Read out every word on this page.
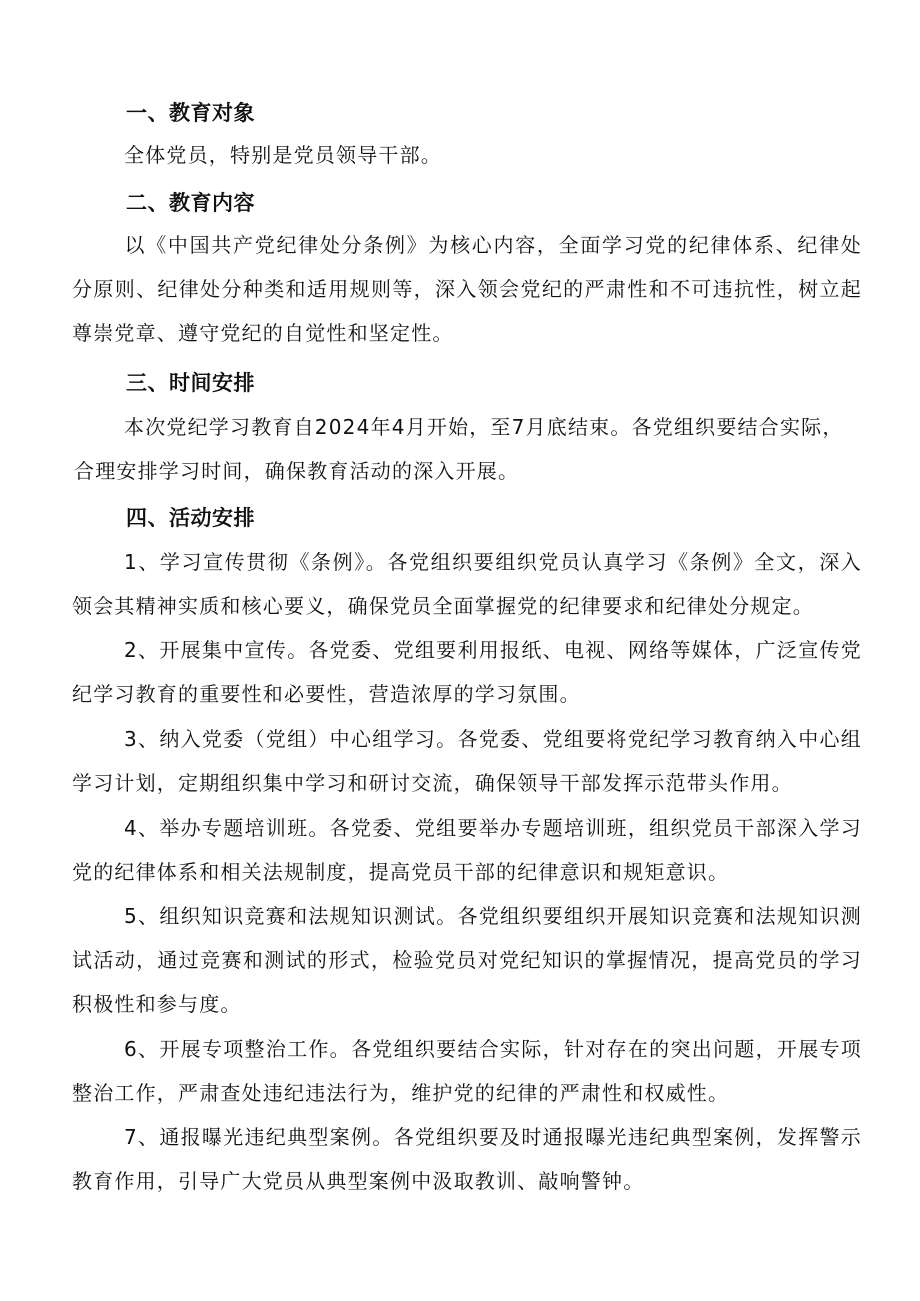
一、教育对象
全体党员，特别是党员领导干部。
二、教育内容
以《中国共产党纪律处分条例》为核心内容，全面学习党的纪律体系、纪律处分原则、纪律处分种类和适用规则等，深入领会党纪的严肃性和不可违抗性，树立起尊崇党章、遵守党纪的自觉性和坚定性。
三、时间安排
本次党纪学习教育自2024年4月开始，至7月底结束。各党组织要结合实际，
合理安排学习时间，确保教育活动的深入开展。
四、活动安排
1、学习宣传贯彻《条例》。各党组织要组织党员认真学习《条例》全文，深入领会其精神实质和核心要义，确保党员全面掌握党的纪律要求和纪律处分规定。
2、开展集中宣传。各党委、党组要利用报纸、电视、网络等媒体，广泛宣传党纪学习教育的重要性和必要性，营造浓厚的学习氛围。
3、纳入党委（党组）中心组学习。各党委、党组要将党纪学习教育纳入中心组学习计划，定期组织集中学习和研讨交流，确保领导干部发挥示范带头作用。
4、举办专题培训班。各党委、党组要举办专题培训班，组织党员干部深入学习党的纪律体系和相关法规制度，提高党员干部的纪律意识和规矩意识。
5、组织知识竞赛和法规知识测试。各党组织要组织开展知识竞赛和法规知识测试活动，通过竞赛和测试的形式，检验党员对党纪知识的掌握情况，提高党员的学习积极性和参与度。
6、开展专项整治工作。各党组织要结合实际，针对存在的突出问题，开展专项整治工作，严肃查处违纪违法行为，维护党的纪律的严肃性和权威性。
7、通报曝光违纪典型案例。各党组织要及时通报曝光违纪典型案例，发挥警示教育作用，引导广大党员从典型案例中汲取教训、敲响警钟。
